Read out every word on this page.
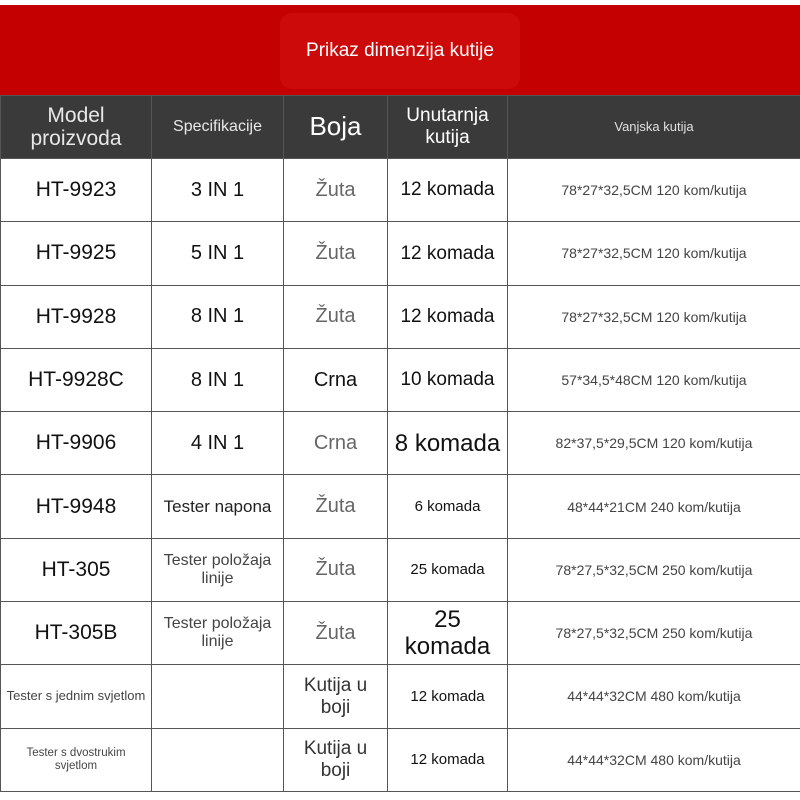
Prikaz dimenzija kutije
Model proizvoda	Specifikacije	Boja	Unutarnja kutija	Vanjska kutija
HT-9923	3 IN 1	Žuta	12 komada	78*27*32,5CM 120 kom/kutija
HT-9925	5 IN 1	Žuta	12 komada	78*27*32,5CM 120 kom/kutija
HT-9928	8 IN 1	Žuta	12 komada	78*27*32,5CM 120 kom/kutija
HT-9928C	8 IN 1	Crna	10 komada	57*34,5*48CM 120 kom/kutija
HT-9906	4 IN 1	Crna	8 komada	82*37,5*29,5CM 120 kom/kutija
HT-9948	Tester napona	Žuta	6 komada	48*44*21CM 240 kom/kutija
HT-305	Tester položaja linije	Žuta	25 komada	78*27,5*32,5CM 250 kom/kutija
HT-305B	Tester položaja linije	Žuta	25 komada	78*27,5*32,5CM 250 kom/kutija
Tester s jednim svjetlom		Kutija u boji	12 komada	44*44*32CM 480 kom/kutija
Tester s dvostrukim svjetlom		Kutija u boji	12 komada	44*44*32CM 480 kom/kutija
